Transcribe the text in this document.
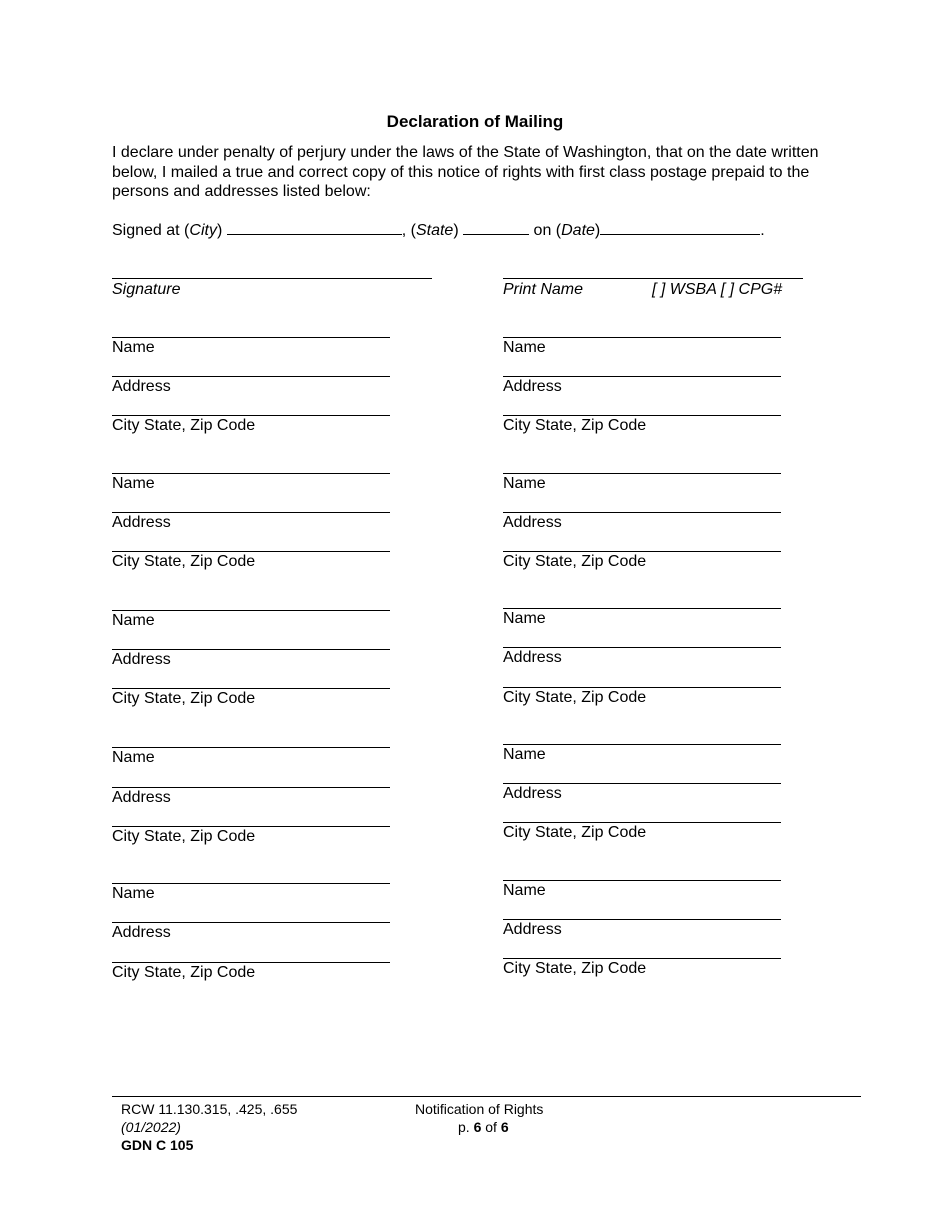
Declaration of Mailing
I declare under penalty of perjury under the laws of the State of Washington, that on the date written below, I mailed a true and correct copy of this notice of rights with first class postage prepaid to the persons and addresses listed below:
Signed at (City)	, (State)	on (Date)	.
Signature	Print Name	[ ] WSBA [ ] CPG#
Name
Address
City State, Zip Code
Name
Address
City State, Zip Code
Name
Address
City State, Zip Code
Name
Address
City State, Zip Code
Name
Address
City State, Zip Code
Name
Address
City State, Zip Code
Name
Address
City State, Zip Code
Name
Address
City State, Zip Code
Name
Address
City State, Zip Code
Name
Address
City State, Zip Code
RCW 11.130.315, .425, .655
(01/2022)
GDN C 105
Notification of Rights
p. 6 of 6
